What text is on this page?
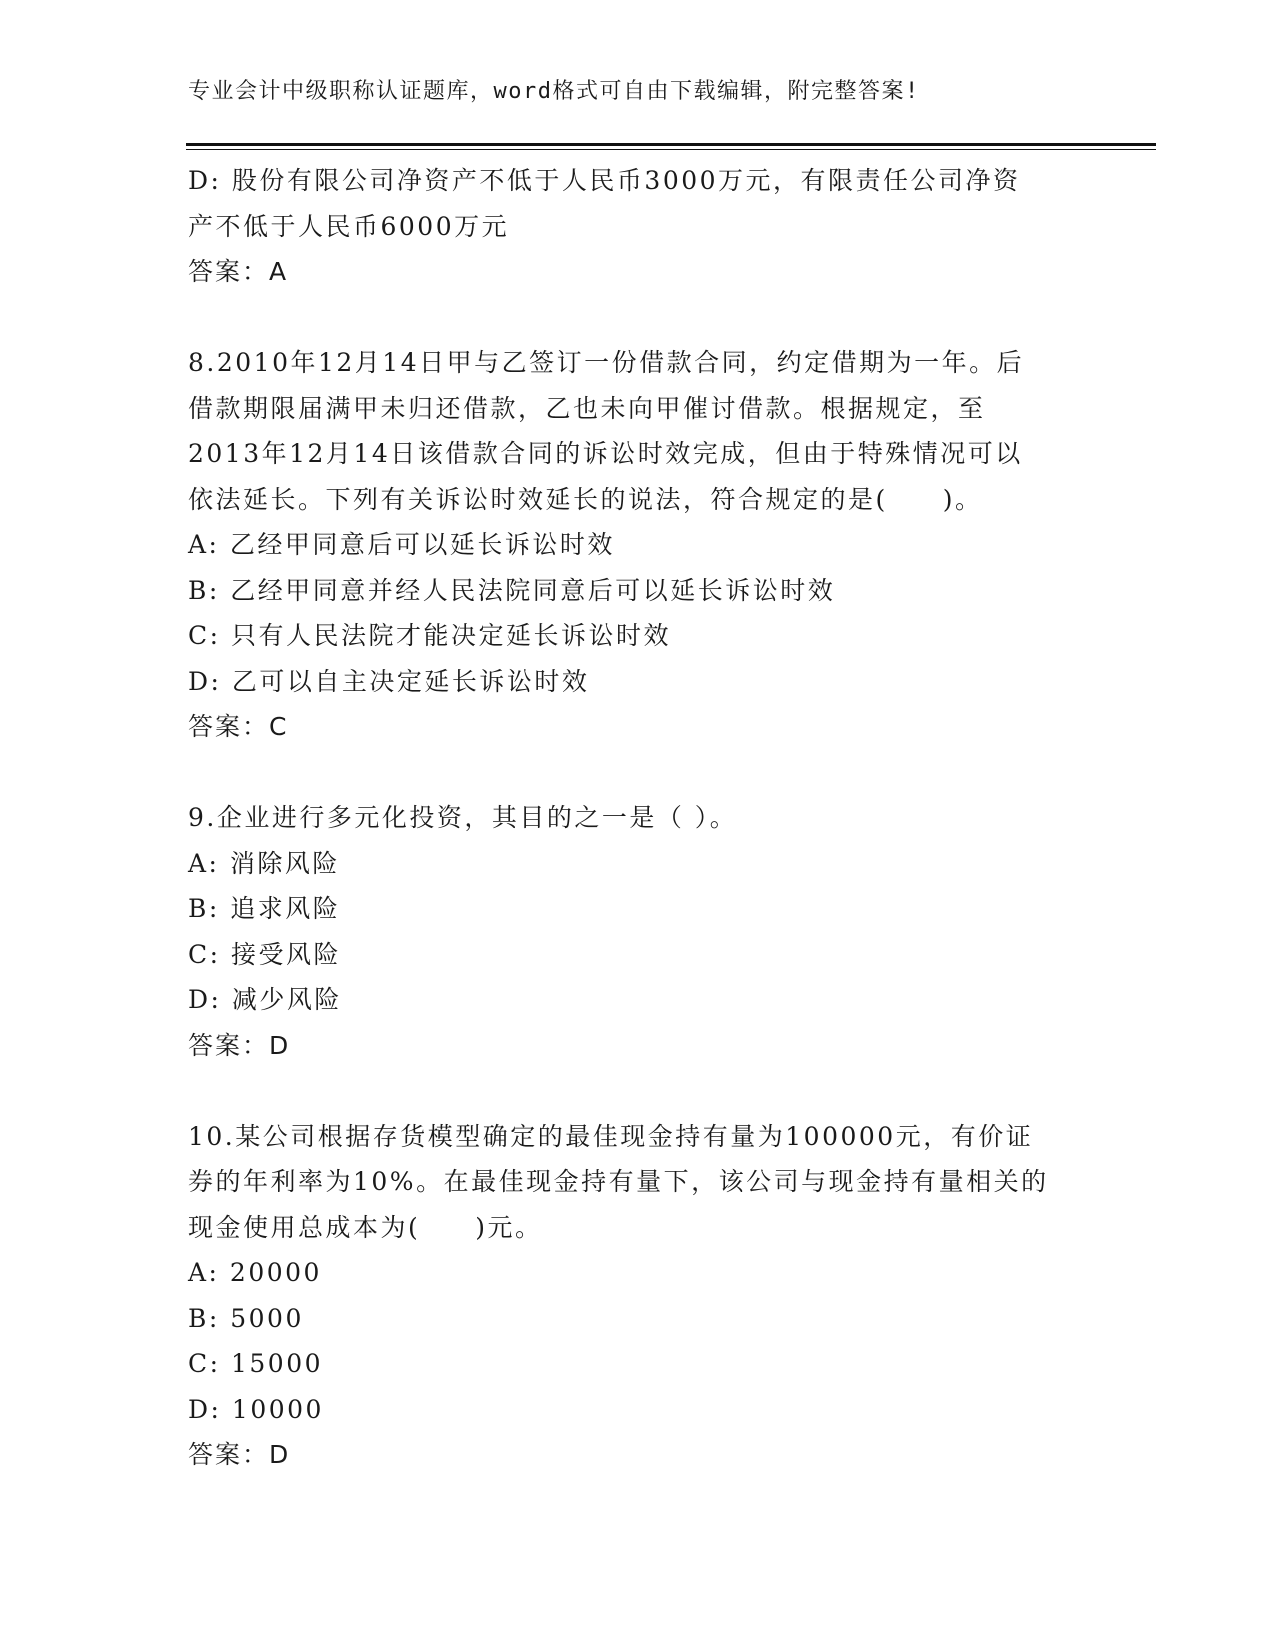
专业会计中级职称认证题库，word格式可自由下载编辑，附完整答案!
D: 股份有限公司净资产不低于人民币3000万元，有限责任公司净资
产不低于人民币6000万元
答案：A
8.2010年12月14日甲与乙签订一份借款合同，约定借期为一年。后
借款期限届满甲未归还借款，乙也未向甲催讨借款。根据规定，至
2013年12月14日该借款合同的诉讼时效完成，但由于特殊情况可以
依法延长。下列有关诉讼时效延长的说法，符合规定的是(　　)。
A: 乙经甲同意后可以延长诉讼时效
B: 乙经甲同意并经人民法院同意后可以延长诉讼时效
C: 只有人民法院才能决定延长诉讼时效
D: 乙可以自主决定延长诉讼时效
答案：C
9.企业进行多元化投资，其目的之一是（ ）。
A: 消除风险
B: 追求风险
C: 接受风险
D: 减少风险
答案：D
10.某公司根据存货模型确定的最佳现金持有量为100000元，有价证
券的年利率为10%。在最佳现金持有量下，该公司与现金持有量相关的
现金使用总成本为(　　)元。
A: 20000
B: 5000
C: 15000
D: 10000
答案：D
